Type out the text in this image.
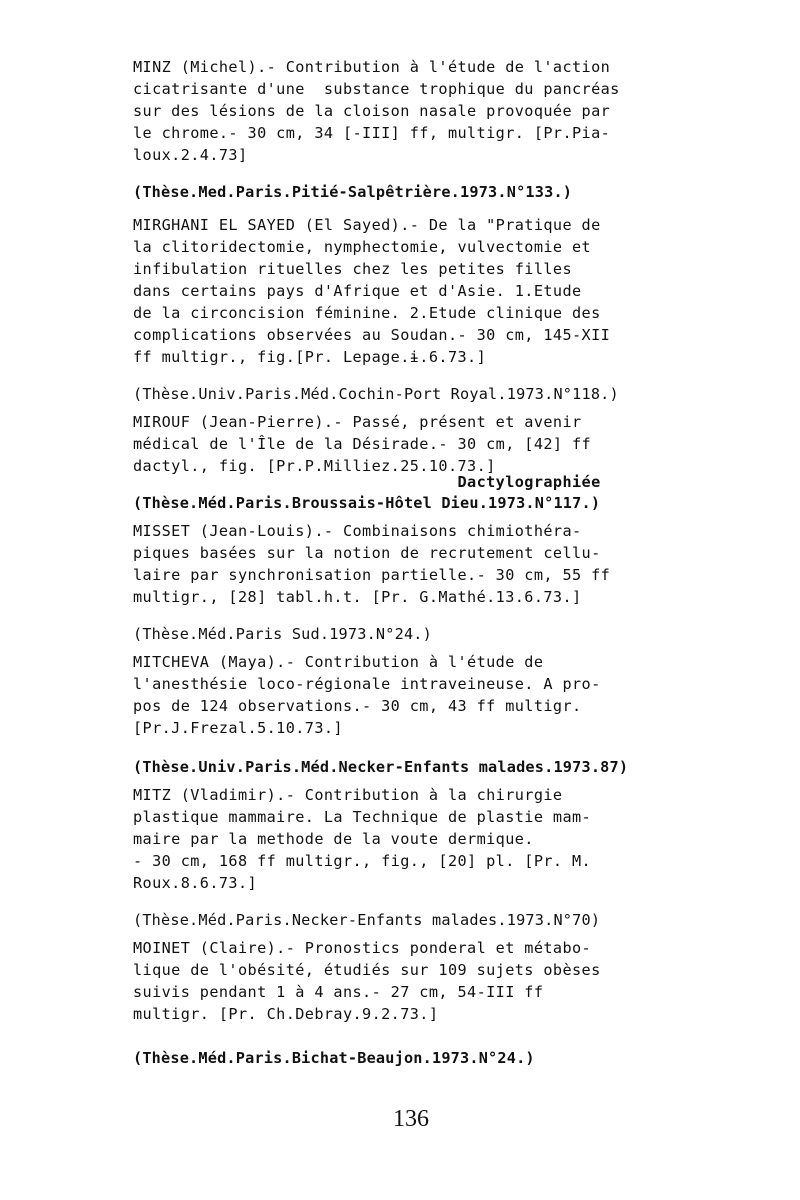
MINZ (Michel).- Contribution à l'étude de l'action
cicatrisante d'une  substance trophique du pancréas
sur des lésions de la cloison nasale provoquée par
le chrome.- 30 cm, 34 [-III] ff, multigr. [Pr.Pia-
loux.2.4.73]
(Thèse.Med.Paris.Pitié-Salpêtrière.1973.N°133.)
MIRGHANI EL SAYED (El Sayed).- De la "Pratique de
la clitoridectomie, nymphectomie, vulvectomie et
infibulation rituelles chez les petites filles
dans certains pays d'Afrique et d'Asie. 1.Etude
de la circoncision féminine. 2.Etude clinique des
complications observées au Soudan.- 30 cm, 145-XII
ff multigr., fig.[Pr. Lepage.ɨ.6.73.]
(Thèse.Univ.Paris.Méd.Cochin-Port Royal.1973.N°118.)
MIROUF (Jean-Pierre).- Passé, présent et avenir
médical de l'Île de la Désirade.- 30 cm, [42] ff
dactyl., fig. [Pr.P.Milliez.25.10.73.]
Dactylographiée
(Thèse.Méd.Paris.Broussais-Hôtel Dieu.1973.N°117.)
MISSET (Jean-Louis).- Combinaisons chimiothéra-
piques basées sur la notion de recrutement cellu-
laire par synchronisation partielle.- 30 cm, 55 ff
multigr., [28] tabl.h.t. [Pr. G.Mathé.13.6.73.]
(Thèse.Méd.Paris Sud.1973.N°24.)
MITCHEVA (Maya).- Contribution à l'étude de
l'anesthésie loco-régionale intraveineuse. A pro-
pos de 124 observations.- 30 cm, 43 ff multigr.
[Pr.J.Frezal.5.10.73.]
(Thèse.Univ.Paris.Méd.Necker-Enfants malades.1973.87)
MITZ (Vladimir).- Contribution à la chirurgie
plastique mammaire. La Technique de plastie mam-
maire par la methode de la voute dermique.
- 30 cm, 168 ff multigr., fig., [20] pl. [Pr. M.
Roux.8.6.73.]
(Thèse.Méd.Paris.Necker-Enfants malades.1973.N°70)
MOINET (Claire).- Pronostics ponderal et métabo-
lique de l'obésité, étudiés sur 109 sujets obèses
suivis pendant 1 à 4 ans.- 27 cm, 54-III ff
multigr. [Pr. Ch.Debray.9.2.73.]
(Thèse.Méd.Paris.Bichat-Beaujon.1973.N°24.)
136
